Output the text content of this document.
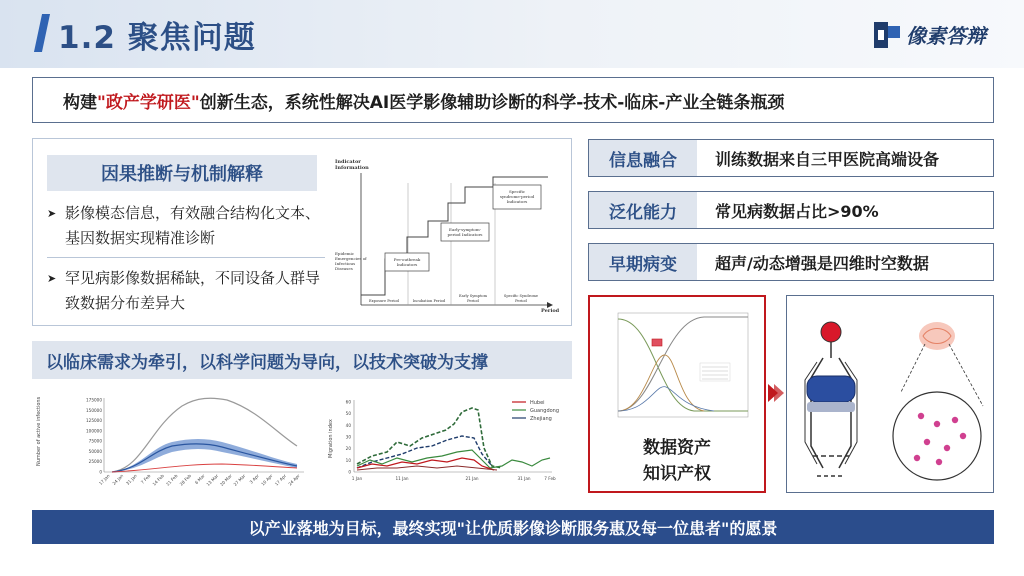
1.2 聚焦问题	像素答辩
构建 "政产学研医" 创新生态，系统性解决AI医学影像辅助诊断的科学-技术-临床-产业全链条瓶颈
因果推断与机制解释
➤ 影像模态信息，有效融合结构化文本、基因数据实现精准诊断
➤ 罕见病影像数据稀缺，不同设备人群导致数据分布差异大
Indicator
Information
Period
Epidemic
Emergencies of
Infectious
Diseases
Pre-outbreak
Indicators
Early-symptom-
period Indicators
Specific
syndrome-period
Indicators
Exposure Period	Incubation Period
Early Symptom
Period
Specific Syndrome
Period
以临床需求为牵引，以科学问题为导向，以技术突破为支撑
Number of active infections	175000
150000
125000
100000
75000
50000
25000
0
17 Jan 24 Jan 31 Jan 7 Feb 14 Feb 21 Feb 28 Feb 6 Mar 13 Mar 20 Mar 27 Mar 3 Apr 10 Apr 17 Apr 24 Apr
Migration index
60
50
40
30
20
10
0
1 Jan	11 Jan	21 Jan	31 Jan	7 Feb
Hubei
Guangdong
Zhejiang
信息融合	训练数据来自三甲医院高端设备
泛化能力	常见病数据占比>90%
早期病变	超声/动态增强是四维时空数据
数据资产
知识产权
以产业落地为目标，最终实现"让优质影像诊断服务惠及每一位患者"的愿景
